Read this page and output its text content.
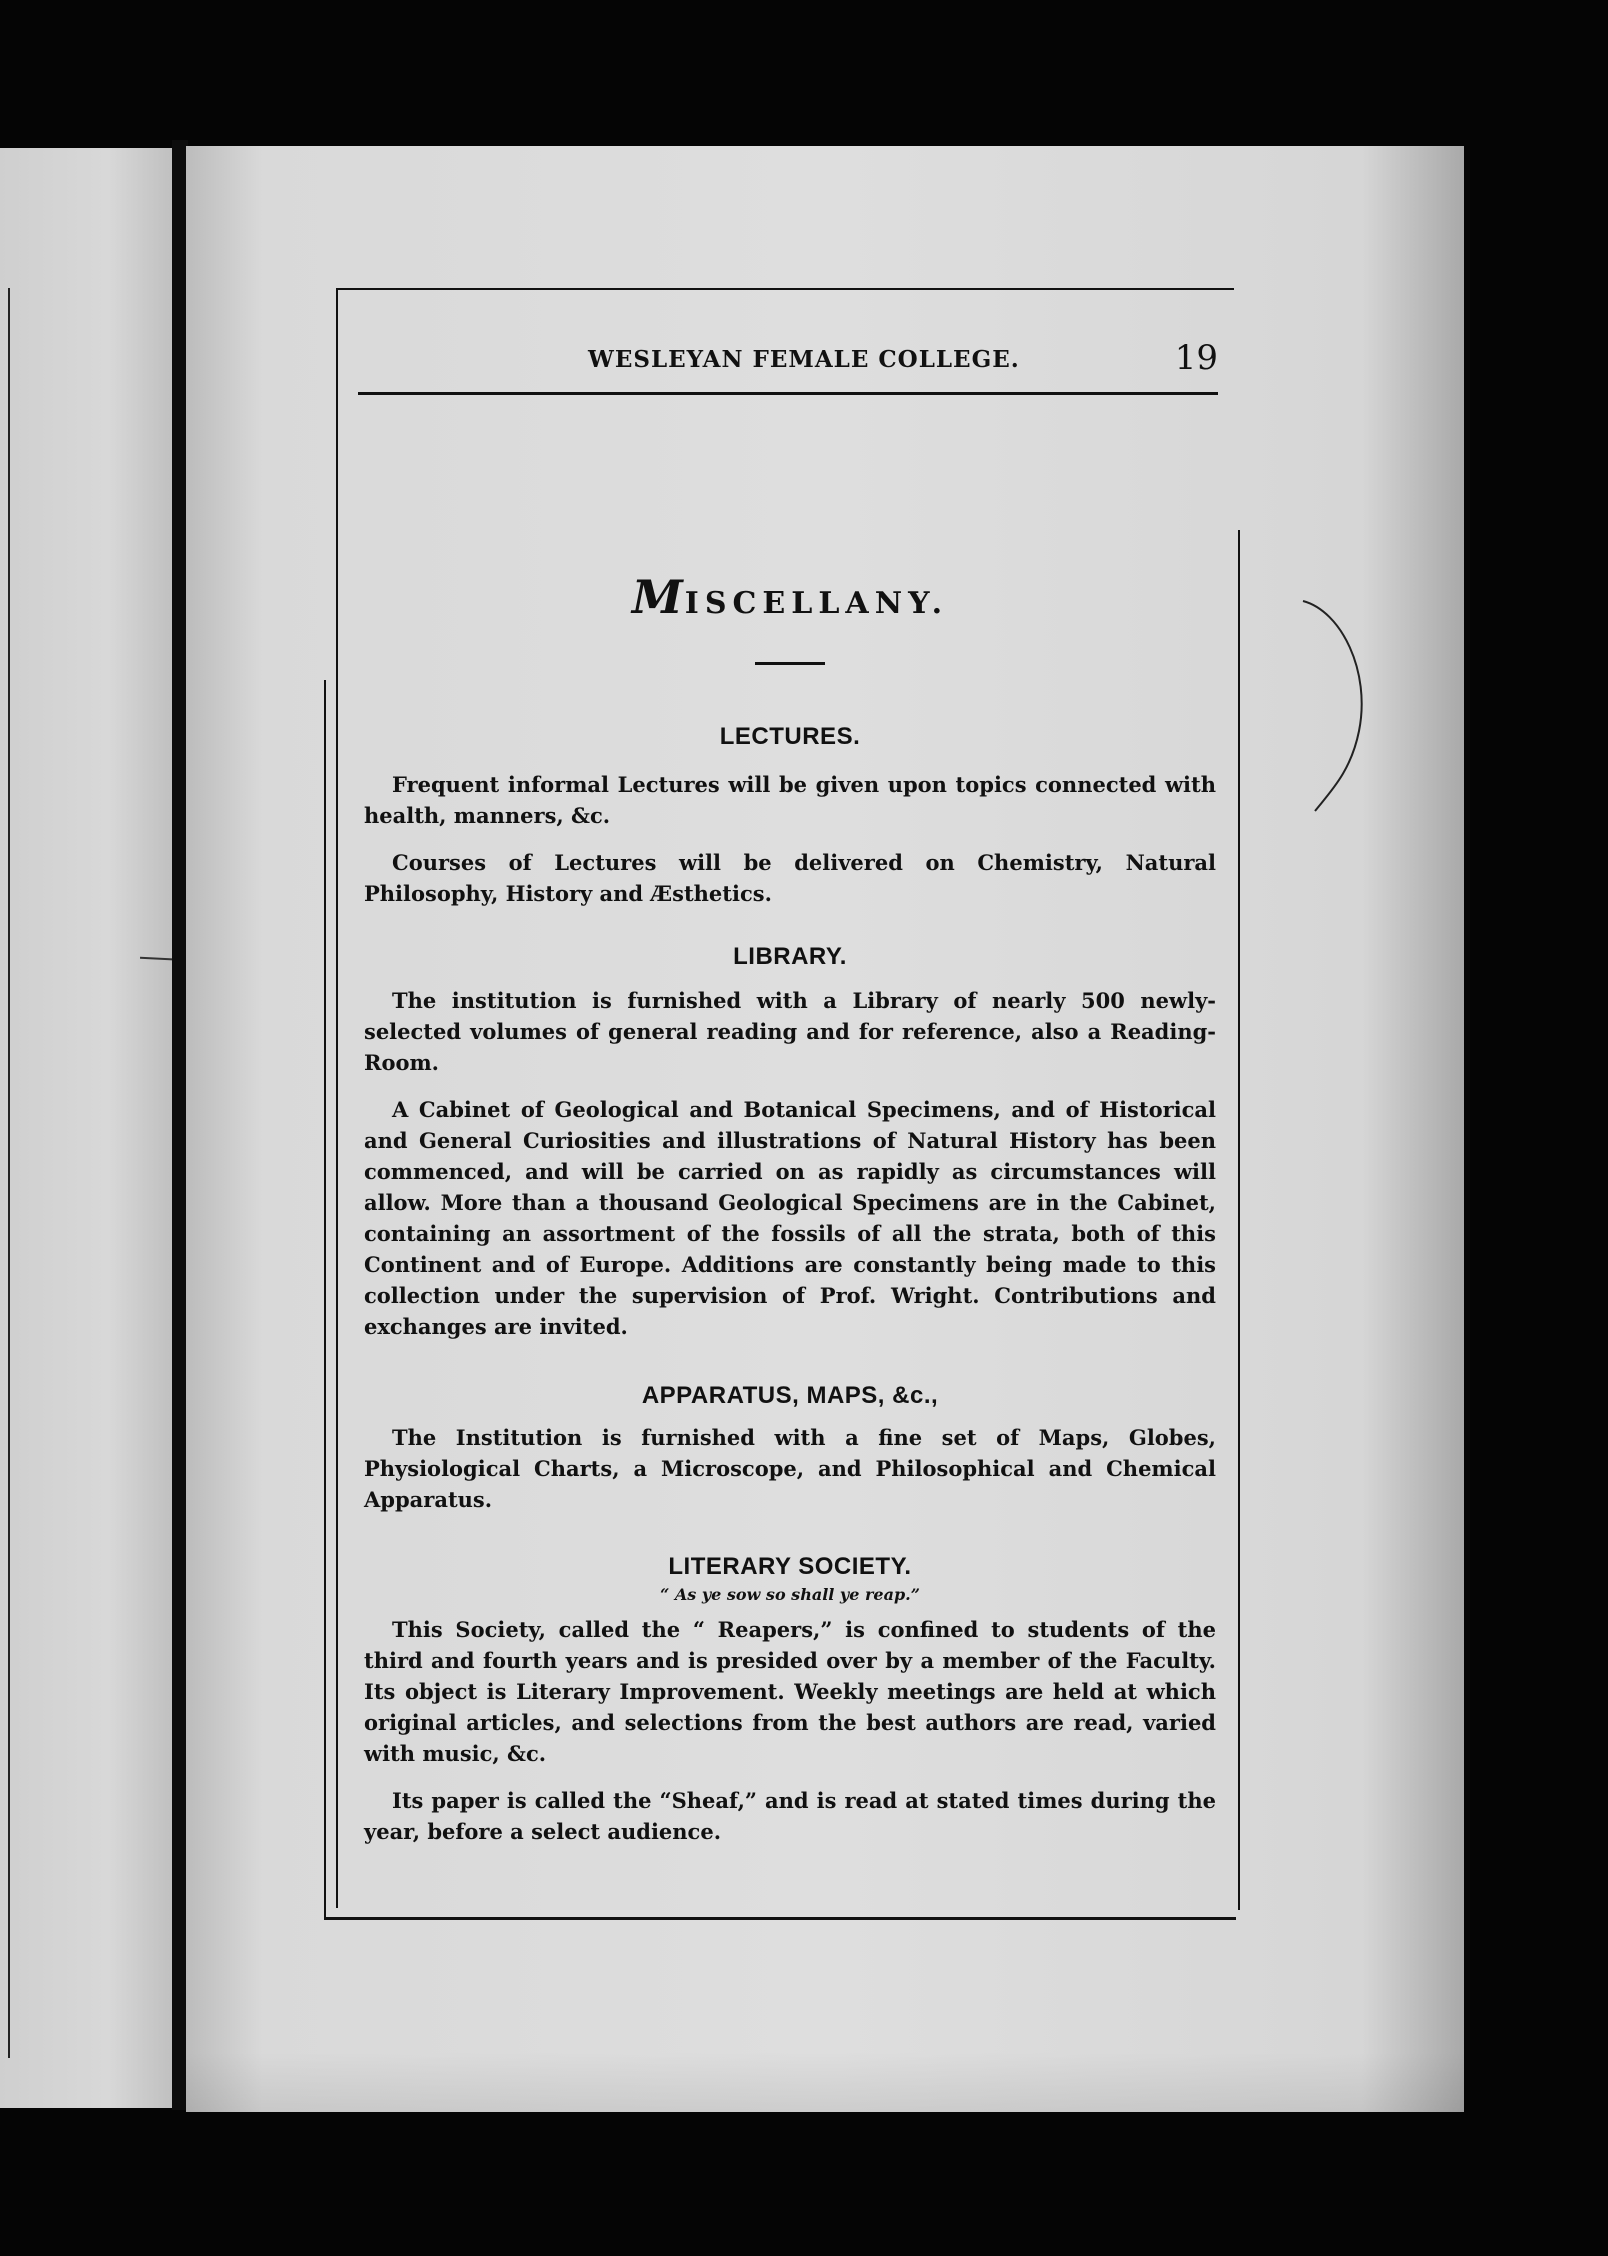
WESLEYAN FEMALE COLLEGE.	19
MISCELLANY.
LECTURES.

Frequent informal Lectures will be given upon topics connected with health, manners, &c.

Courses of Lectures will be delivered on Chemistry, Natural Philosophy, History and Æsthetics.

LIBRARY.

The institution is furnished with a Library of nearly 500 newly-selected volumes of general reading and for reference, also a Reading-Room.

A Cabinet of Geological and Botanical Specimens, and of Historical and General Curiosities and illustrations of Natural History has been commenced, and will be carried on as rapidly as circumstances will allow. More than a thousand Geological Specimens are in the Cabinet, containing an assortment of the fossils of all the strata, both of this Continent and of Europe. Additions are constantly being made to this collection under the supervision of Prof. Wright. Contributions and exchanges are invited.

APPARATUS, MAPS, &c.,

The Institution is furnished with a fine set of Maps, Globes, Physiological Charts, a Microscope, and Philosophical and Chemical Apparatus.

LITERARY SOCIETY.
“ As ye sow so shall ye reap.”

This Society, called the “ Reapers,” is confined to students of the third and fourth years and is presided over by a member of the Faculty. Its object is Literary Improvement. Weekly meetings are held at which original articles, and selections from the best authors are read, varied with music, &c.

Its paper is called the “Sheaf,” and is read at stated times during the year, before a select audience.
